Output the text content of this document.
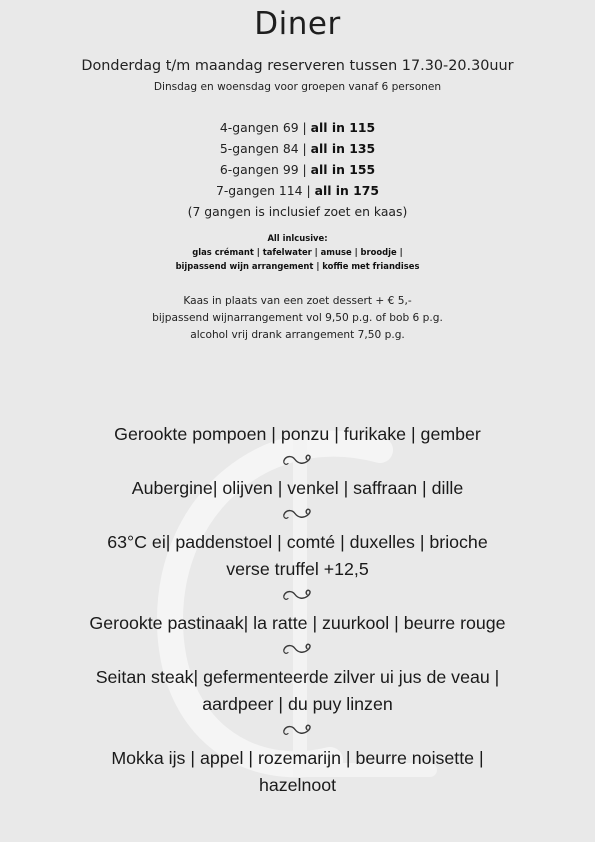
Diner
Donderdag t/m maandag reserveren tussen 17.30-20.30uur
Dinsdag en woensdag voor groepen vanaf 6 personen
4-gangen 69 | all in 115
5-gangen 84 | all in 135
6-gangen 99 | all in 155
7-gangen 114 | all in 175
(7 gangen is inclusief zoet en kaas)
All inlcusive:
glas crémant | tafelwater | amuse | broodje |
bijpassend wijn arrangement | koffie met friandises
Kaas in plaats van een zoet dessert + € 5,-
bijpassend wijnarrangement vol 9,50 p.g. of bob 6 p.g.
alcohol vrij drank arrangement 7,50 p.g.
Gerookte pompoen | ponzu | furikake | gember
Aubergine| olijven | venkel | saffraan | dille
63°C ei| paddenstoel | comté | duxelles | brioche
verse truffel +12,5
Gerookte pastinaak| la ratte | zuurkool | beurre rouge
Seitan steak| gefermenteerde zilver ui jus de veau |
aardpeer | du puy linzen
Mokka ijs | appel | rozemarijn | beurre noisette |
hazelnoot
